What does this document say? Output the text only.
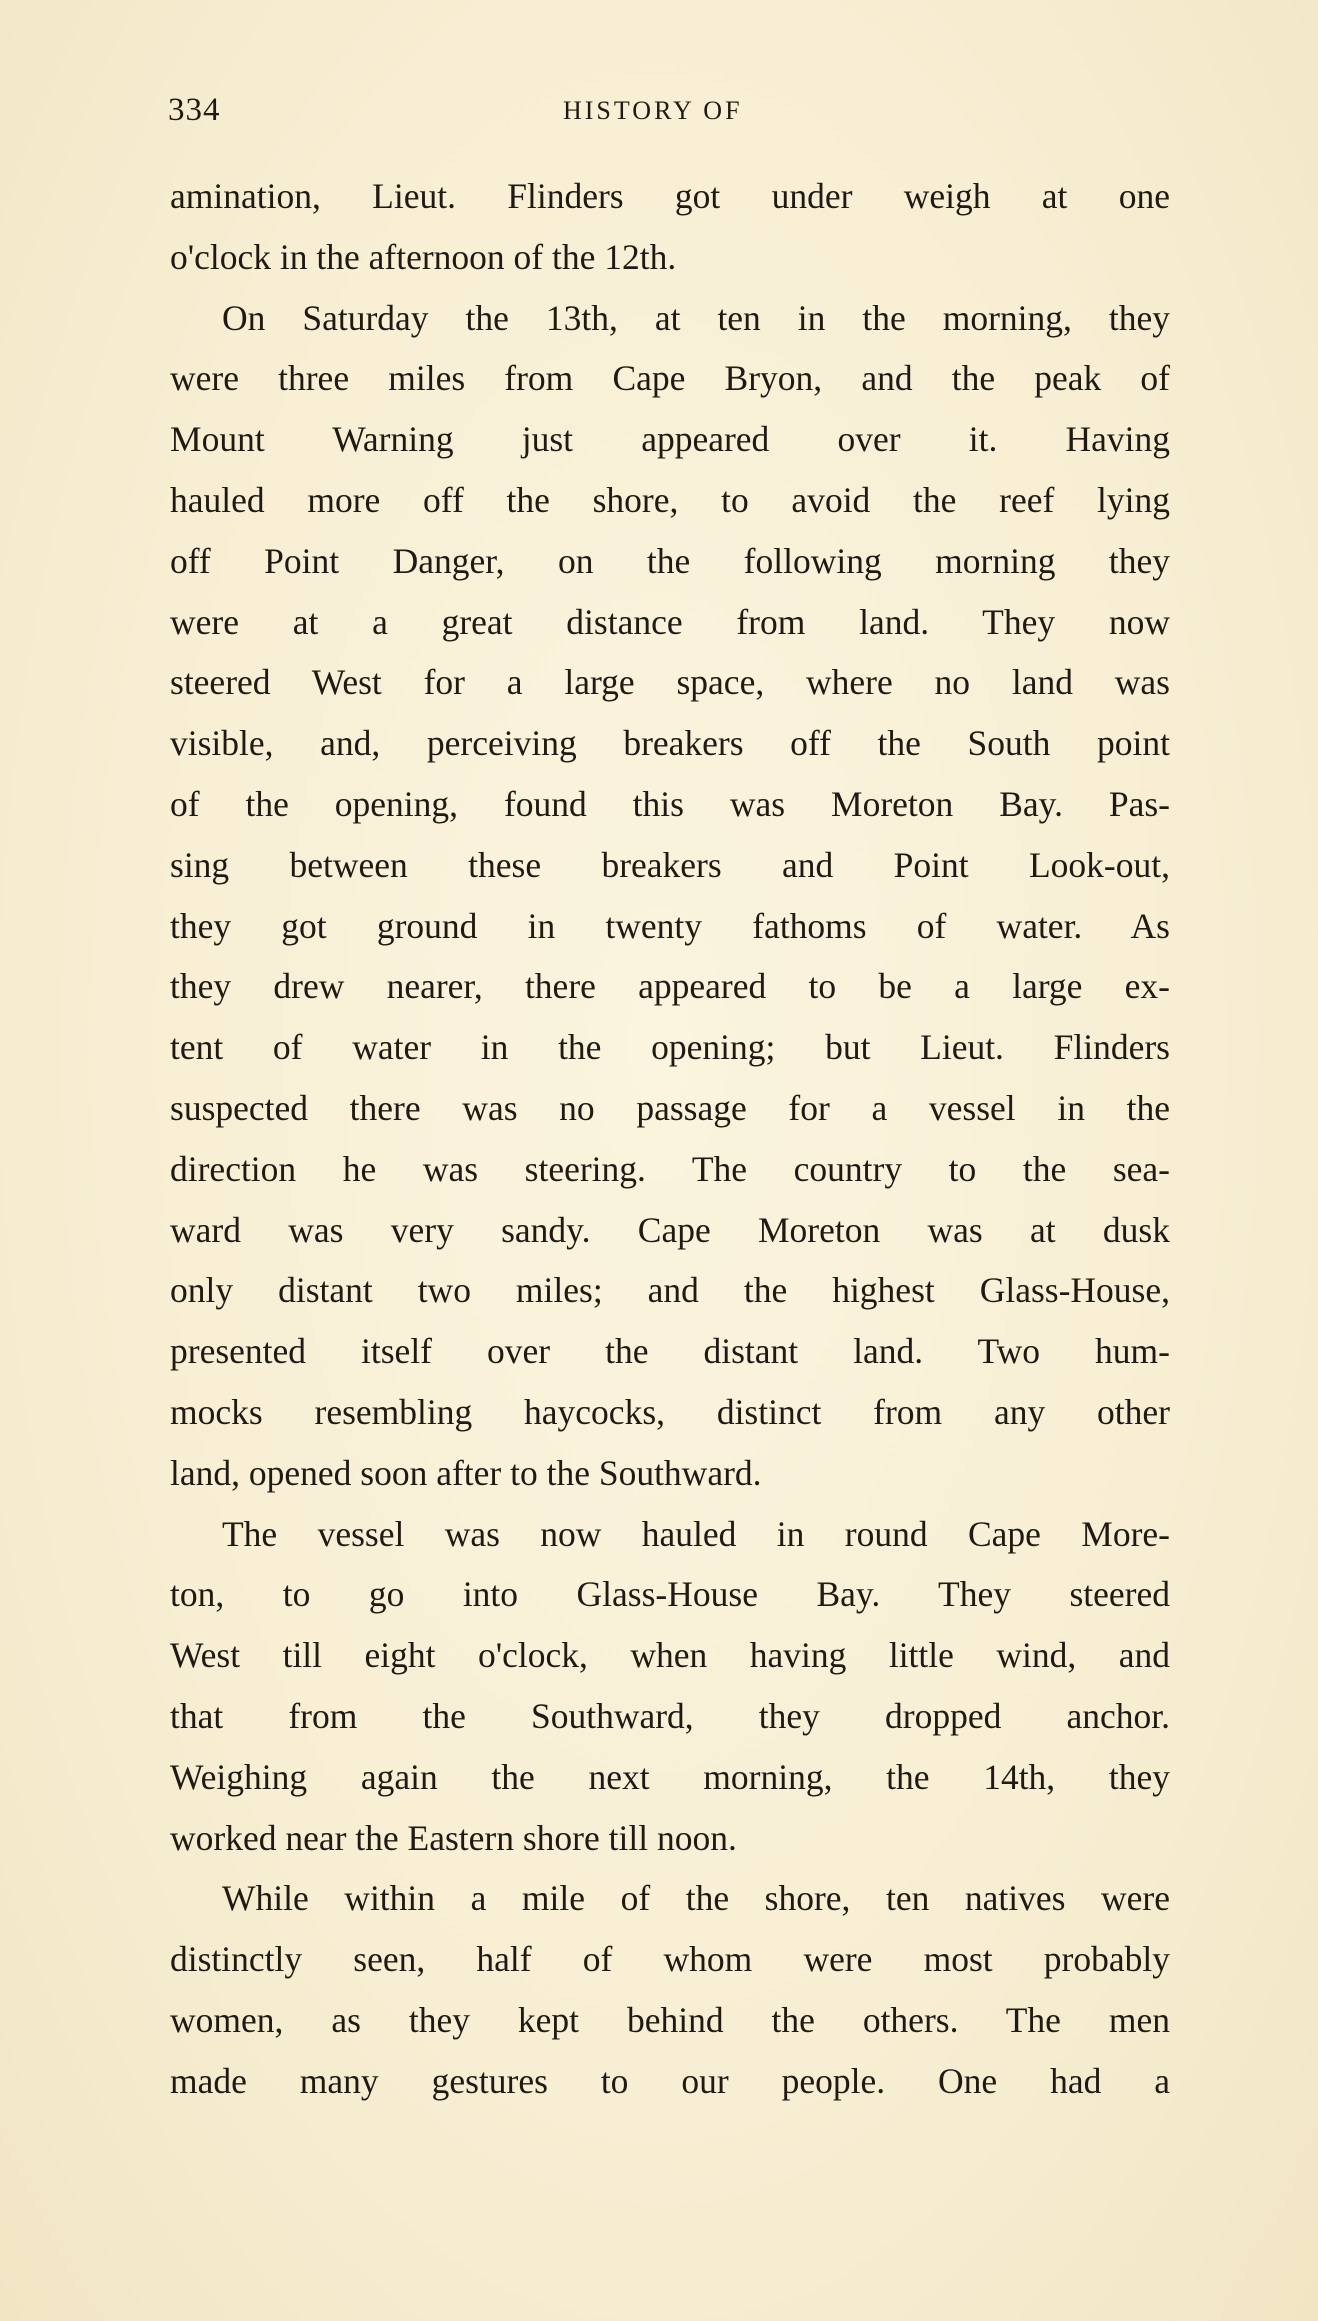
334	HISTORY OF
amination, Lieut. Flinders got under weigh at one
o'clock in the afternoon of the 12th.
On Saturday the 13th, at ten in the morning, they
were three miles from Cape Bryon, and the peak of
Mount Warning just appeared over it. Having
hauled more off the shore, to avoid the reef lying
off Point Danger, on the following morning they
were at a great distance from land. They now
steered West for a large space, where no land was
visible, and, perceiving breakers off the South point
of the opening, found this was Moreton Bay. Pas-
sing between these breakers and Point Look-out,
they got ground in twenty fathoms of water. As
they drew nearer, there appeared to be a large ex-
tent of water in the opening; but Lieut. Flinders
suspected there was no passage for a vessel in the
direction he was steering. The country to the sea-
ward was very sandy. Cape Moreton was at dusk
only distant two miles; and the highest Glass-House,
presented itself over the distant land. Two hum-
mocks resembling haycocks, distinct from any other
land, opened soon after to the Southward.
The vessel was now hauled in round Cape More-
ton, to go into Glass-House Bay. They steered
West till eight o'clock, when having little wind, and
that from the Southward, they dropped anchor.
Weighing again the next morning, the 14th, they
worked near the Eastern shore till noon.
While within a mile of the shore, ten natives were
distinctly seen, half of whom were most probably
women, as they kept behind the others. The men
made many gestures to our people. One had a
